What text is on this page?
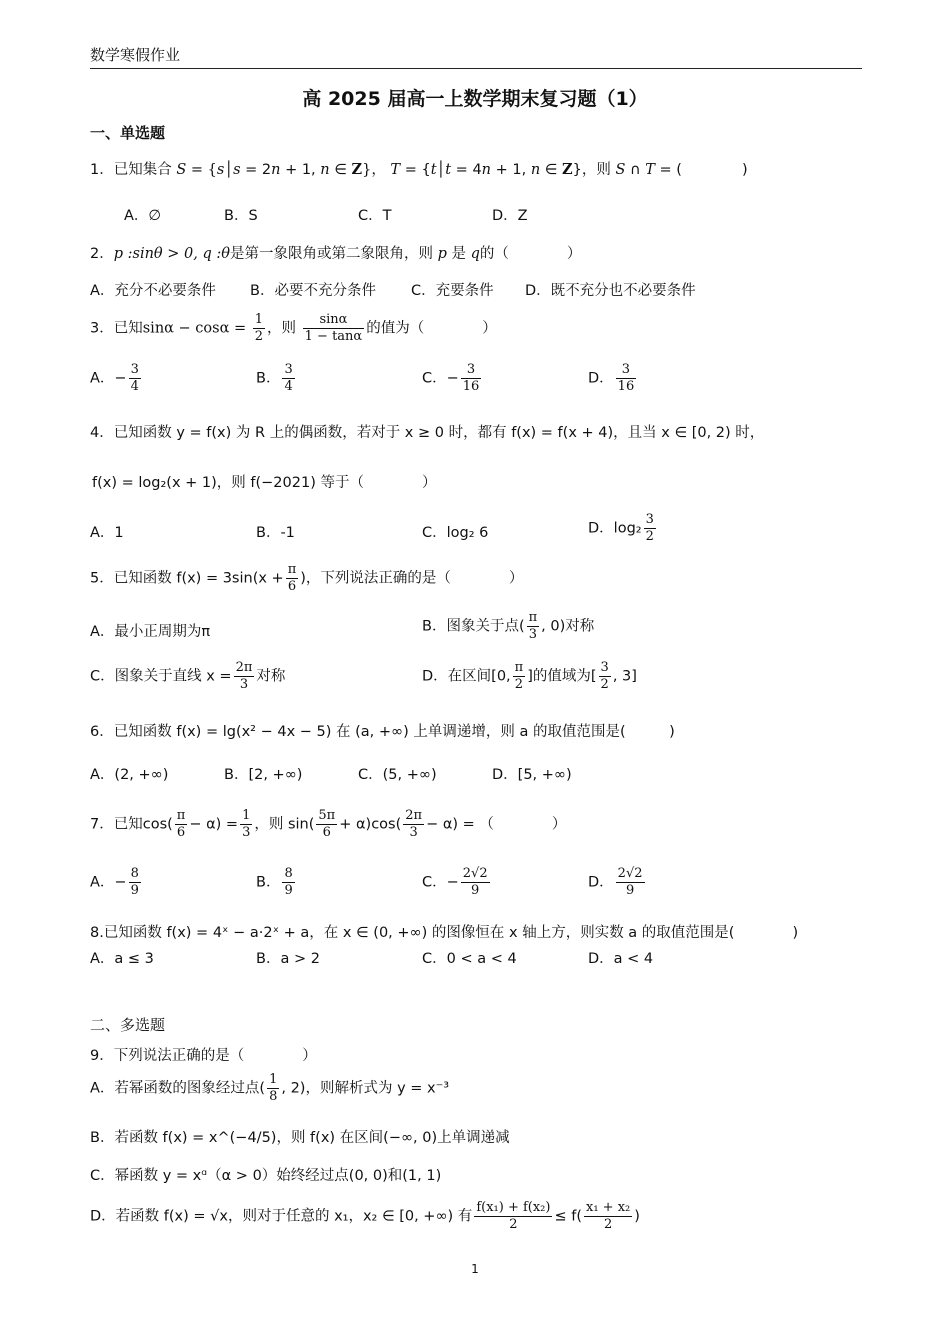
数学寒假作业
高 2025 届高一上数学期末复习题（1）
一、单选题
1．已知集合 S = {s│s = 2n + 1, n ∈ Z}， T = {t│t = 4n + 1, n ∈ Z}，则 S ∩ T = (	)
A．∅	B．S	C．T	D．Z
2．p :sinθ > 0, q :θ是第一象限角或第二象限角，则 p 是 q的（　　　　）
A．充分不必要条件 B．必要不充分条件 C．充要条件 D．既不充分也不必要条件
3．已知$\sin\alpha - \cos\alpha = \frac{1}{2}$ ，则 $\frac{\sin\alpha}{1 - \tan\alpha}$ 的值为（　　　　）
A．− $\frac{3}{4}$	B． $\frac{3}{4}$	C．− $\frac{3}{16}$	D． $\frac{3}{16}$
4．已知函数 y = f(x) 为 R 上的偶函数，若对于 x ≥ 0 时，都有 f(x) = f(x + 4)，且当 x ∈ [0, 2) 时，
f(x) = log₂(x + 1)，则 f(−2021) 等于（　　　　）
A．1	B．-1	C．log₂ 6	D．$\log_2 \frac{3}{2}$
5．已知函数 $f(x) = 3\sin(x + \frac{\pi}{6}$ )，下列说法正确的是（　　　　）
A．最小正周期为π	B．图象关于点( $\frac{\pi}{3}$ , 0)对称
C．图象关于直线 $x = \frac{2\pi}{3}$ 对称	D．在区间[0, $\frac{\pi}{2}$ ]的值域为[ $\frac{3}{2}$ , 3]
6．已知函数 f(x) = lg(x² − 4x − 5) 在 (a, +∞) 上单调递增，则 a 的取值范围是(　　　)
A．(2, +∞)	B．[2, +∞)	C．(5, +∞)	D．[5, +∞)
7．已知$\cos( \frac{\pi}{6} - \alpha) = \frac{1}{3}$ ，则 $\sin( \frac{5\pi}{6} + \alpha)\cos( \frac{2\pi}{3} - \alpha)$ = （　　　　）
A．− $\frac{8}{9}$	B． $\frac{8}{9}$	C．− $\frac{2√2}{9}$	D． $\frac{2√2}{9}$
8.已知函数 f(x) = 4ˣ − a·2ˣ + a，在 x ∈ (0, +∞) 的图像恒在 x 轴上方，则实数 a 的取值范围是(　　　　)
A．a ≤ 3	B．a > 2	C．0 < a < 4	D．a < 4
二、多选题
9．下列说法正确的是（　　　　）
A．若幂函数的图象经过点( $\frac{1}{8}$ , 2)，则解析式为 y = x⁻³
B．若函数 f(x) = x^(−4/5)，则 f(x) 在区间(−∞, 0)上单调递减
C．幂函数 y = xᵅ（α > 0）始终经过点(0, 0)和(1, 1)
D．若函数 f(x) = √x，则对于任意的 x₁，x₂ ∈ [0, +∞) 有 $\frac{\text{f(x₁) + f(x₂)}}{2} \le f( \frac{\text{x₁ + x₂}}{2}$ )
1
